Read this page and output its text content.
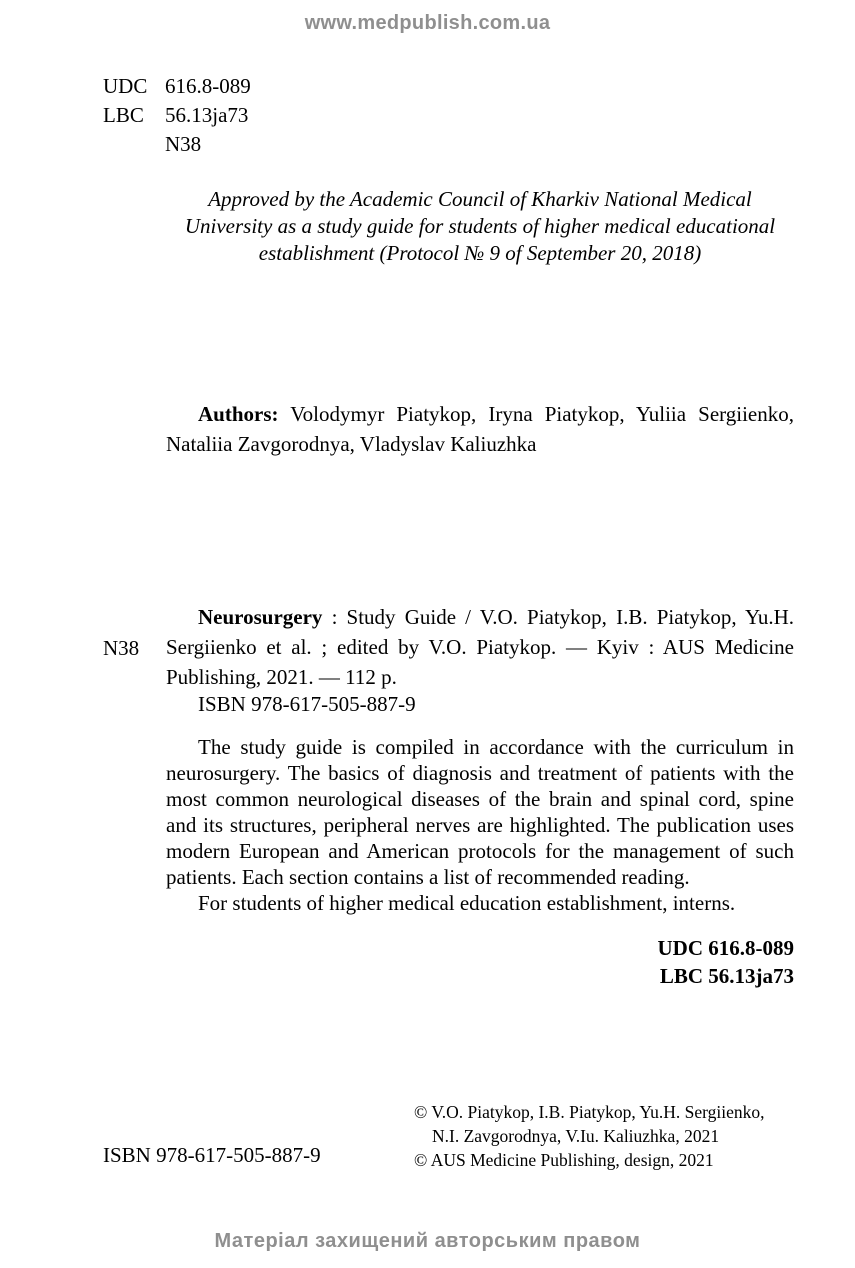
www.medpublish.com.ua
UDC 616.8-089
LBC	56.13ja73
N38
Approved by the Academic Council of Kharkiv National Medical University as a study guide for students of higher medical educational establishment (Protocol № 9 of September 20, 2018)
Authors: Volodymyr Piatykop, Iryna Piatykop, Yuliia Sergiienko, Nataliia Zavgorodnya, Vladyslav Kaliuzhka
N38
Neurosurgery : Study Guide / V.O. Piatykop, I.B. Piatykop, Yu.H. Sergiienko et al. ; edited by V.O. Piatykop. — Kyiv : AUS Medicine Publishing, 2021. — 112 p.
ISBN 978-617-505-887-9

The study guide is compiled in accordance with the curriculum in neurosurgery. The basics of diagnosis and treatment of patients with the most common neurological diseases of the brain and spinal cord, spine and its structures, peripheral nerves are highlighted. The publication uses modern European and American protocols for the management of such patients. Each section contains a list of recommended reading.

For students of higher medical education establishment, interns.

UDC 616.8-089
LBC 56.13ja73
ISBN 978-617-505-887-9
© V.O. Piatykop, I.B. Piatykop, Yu.H. Sergiienko,
N.I. Zavgorodnya, V.Iu. Kaliuzhka, 2021
© AUS Medicine Publishing, design, 2021
Матеріал захищений авторським правом
